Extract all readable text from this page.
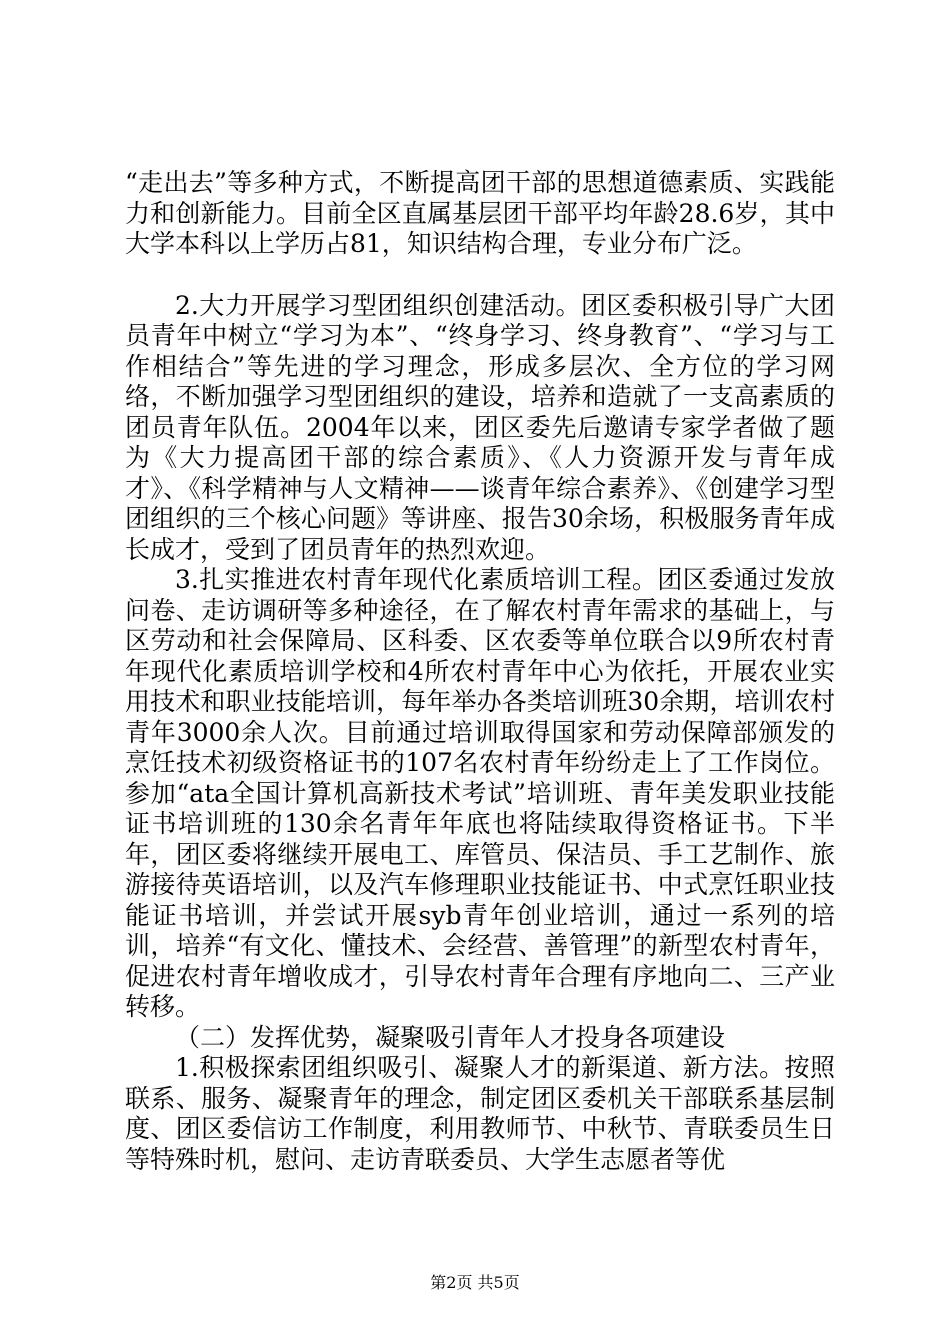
“走出去”等多种方式，不断提高团干部的思想道德素质、实践能力和创新能力。目前全区直属基层团干部平均年龄28.6岁，其中大学本科以上学历占81，知识结构合理，专业分布广泛。

2.大力开展学习型团组织创建活动。团区委积极引导广大团员青年中树立“学习为本”、“终身学习、终身教育”、“学习与工作相结合”等先进的学习理念，形成多层次、全方位的学习网络，不断加强学习型团组织的建设，培养和造就了一支高素质的团员青年队伍。2004年以来，团区委先后邀请专家学者做了题为《大力提高团干部的综合素质》、《人力资源开发与青年成才》、《科学精神与人文精神——谈青年综合素养》、《创建学习型团组织的三个核心问题》等讲座、报告30余场，积极服务青年成长成才，受到了团员青年的热烈欢迎。

3.扎实推进农村青年现代化素质培训工程。团区委通过发放问卷、走访调研等多种途径，在了解农村青年需求的基础上，与区劳动和社会保障局、区科委、区农委等单位联合以9所农村青年现代化素质培训学校和4所农村青年中心为依托，开展农业实用技术和职业技能培训，每年举办各类培训班30余期，培训农村青年3000余人次。目前通过培训取得国家和劳动保障部颁发的烹饪技术初级资格证书的107名农村青年纷纷走上了工作岗位。参加“ata全国计算机高新技术考试”培训班、青年美发职业技能证书培训班的130余名青年年底也将陆续取得资格证书。下半年，团区委将继续开展电工、库管员、保洁员、手工艺制作、旅游接待英语培训，以及汽车修理职业技能证书、中式烹饪职业技能证书培训，并尝试开展syb青年创业培训，通过一系列的培训，培养“有文化、懂技术、会经营、善管理”的新型农村青年，促进农村青年增收成才，引导农村青年合理有序地向二、三产业转移。

（二）发挥优势，凝聚吸引青年人才投身各项建设

1.积极探索团组织吸引、凝聚人才的新渠道、新方法。按照联系、服务、凝聚青年的理念，制定团区委机关干部联系基层制度、团区委信访工作制度，利用教师节、中秋节、青联委员生日等特殊时机，慰问、走访青联委员、大学生志愿者等优

第2页 共5页
